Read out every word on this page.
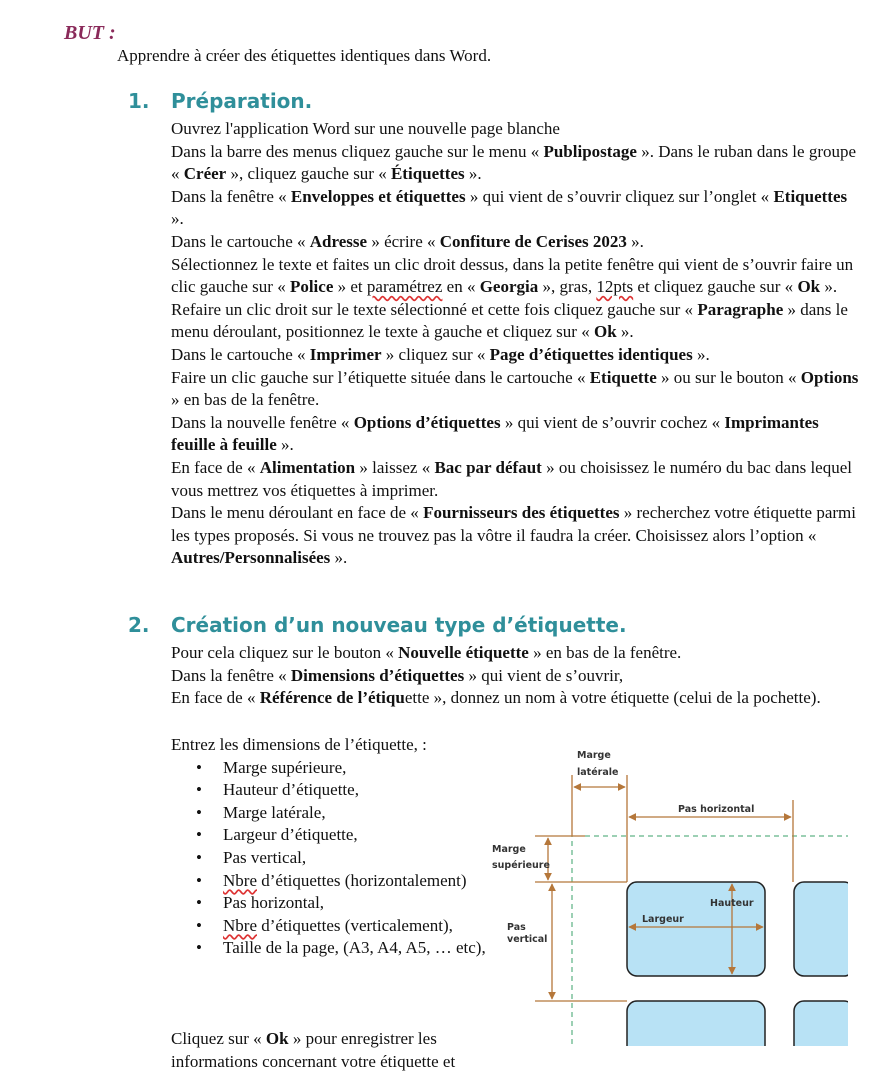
BUT :
Apprendre à créer des étiquettes identiques dans Word.
1. Préparation.

Ouvrez l'application Word sur une nouvelle page blanche

Dans la barre des menus cliquez gauche sur le menu « Publipostage ». Dans le ruban dans le groupe « Créer », cliquez gauche sur « Étiquettes ».

Dans la fenêtre « Enveloppes et étiquettes » qui vient de s’ouvrir cliquez sur l’onglet « Etiquettes ».

Dans le cartouche « Adresse » écrire « Confiture de Cerises 2023 ».

Sélectionnez le texte et faites un clic droit dessus, dans la petite fenêtre qui vient de s’ouvrir faire un clic gauche sur « Police » et paramétrez en « Georgia », gras, 12pts et cliquez gauche sur « Ok ».

Refaire un clic droit sur le texte sélectionné et cette fois cliquez gauche sur « Paragraphe » dans le menu déroulant, positionnez le texte à gauche et cliquez sur « Ok ».

Dans le cartouche « Imprimer » cliquez sur « Page d’étiquettes identiques ».

Faire un clic gauche sur l’étiquette située dans le cartouche « Etiquette » ou sur le bouton « Options » en bas de la fenêtre.

Dans la nouvelle fenêtre « Options d’étiquettes » qui vient de s’ouvrir cochez « Imprimantes feuille à feuille ».

En face de « Alimentation » laissez « Bac par défaut » ou choisissez le numéro du bac dans lequel vous mettrez vos étiquettes à imprimer.

Dans le menu déroulant en face de « Fournisseurs des étiquettes » recherchez votre étiquette parmi les types proposés. Si vous ne trouvez pas la vôtre il faudra la créer. Choisissez alors l’option « Autres/Personnalisées ».

2. Création d’un nouveau type d’étiquette.

Pour cela cliquez sur le bouton « Nouvelle étiquette » en bas de la fenêtre.

Dans la fenêtre « Dimensions d’étiquettes » qui vient de s’ouvrir,

En face de « Référence de l’étiquette », donnez un nom à votre étiquette (celui de la pochette).

Entrez les dimensions de l’étiquette, :

• Marge supérieure,
• Hauteur d’étiquette,
• Marge latérale,
• Largeur d’étiquette,
• Pas vertical,
• Nbre d’étiquettes (horizontalement)
• Pas horizontal,
• Nbre d’étiquettes (verticalement),
• Taille de la page, (A3, A4, A5, … etc),

Cliquez sur « Ok » pour enregistrer les informations concernant votre étiquette et

Marge
latérale
Pas horizontal
Marge
supérieure
Hauteur
Largeur
Pas
vertical
